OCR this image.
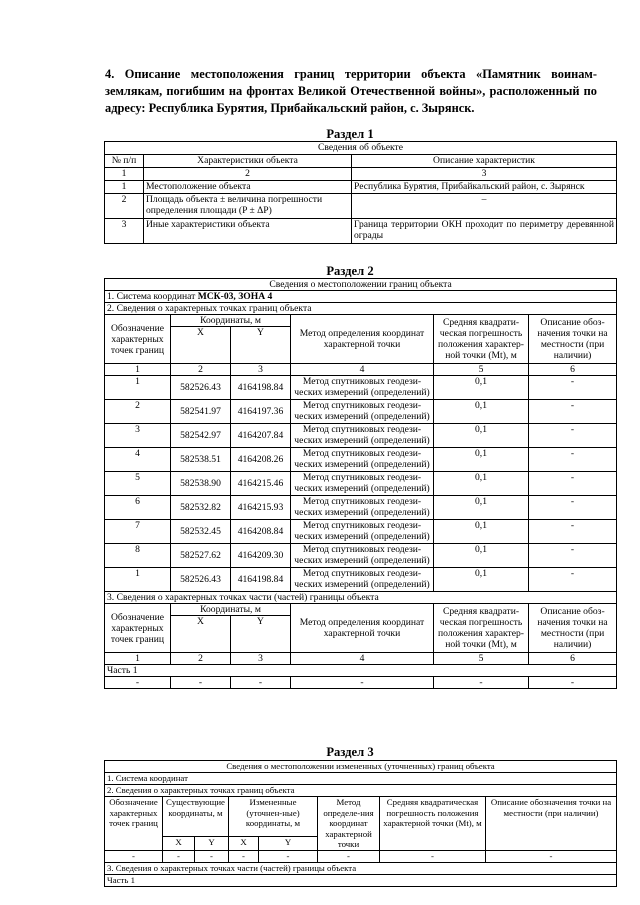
4. Описание местоположения границ территории объекта «Памятник воинам-землякам, погибшим на фронтах Великой Отечественной войны», расположенный по адресу: Республика Бурятия, Прибайкальский район, с. Зырянск.
Раздел 1
Сведения об объекте		
№ п/п	Характеристики объекта	Описание характеристик
1	2	3
1	Местоположение объекта	Республика Бурятия, Прибайкальский район, с. Зырянск
2	Площадь объекта ± величина погрешности определения площади (P ± ΔP)	–
3	Иные характеристики объекта	Граница территории ОКН проходит по периметру деревянной ограды
Раздел 2
Сведения о местоположении границ объекта					
1. Система координат МСК-03, ЗОНА 4					
2. Сведения о характерных точках границ объекта					
Обозначение характерных точек границ	Координаты, м		Метод определения координат характерной точки	Средняя квадрати-ческая погрешность положения характер-ной точки (Mt), м	Описание обоз-начения точки на местности (при наличии)
	X	Y			
1	2	3	4	5	6
1	582526.43	4164198.84	Метод спутниковых геодези-ческих измерений (определений)	0,1	-
2	582541.97	4164197.36	Метод спутниковых геодези-ческих измерений (определений)	0,1	-
3	582542.97	4164207.84	Метод спутниковых геодези-ческих измерений (определений)	0,1	-
4	582538.51	4164208.26	Метод спутниковых геодези-ческих измерений (определений)	0,1	-
5	582538.90	4164215.46	Метод спутниковых геодези-ческих измерений (определений)	0,1	-
6	582532.82	4164215.93	Метод спутниковых геодези-ческих измерений (определений)	0,1	-
7	582532.45	4164208.84	Метод спутниковых геодези-ческих измерений (определений)	0,1	-
8	582527.62	4164209.30	Метод спутниковых геодези-ческих измерений (определений)	0,1	-
1	582526.43	4164198.84	Метод спутниковых геодези-ческих измерений (определений)	0,1	-
3. Сведения о характерных точках части (частей) границы объекта					
Обозначение характерных точек границ	Координаты, м		Метод определения координат характерной точки	Средняя квадрати-ческая погрешность положения характер-ной точки (Mt), м	Описание обоз-начения точки на местности (при наличии)
	X	Y			
1	2	3	4	5	6
Часть 1					
-	-	-	-	-	-
Раздел 3
Сведения о местоположении измененных (уточненных) границ объекта							
1. Система координат							
2. Сведения о характерных точках границ объекта							
Обозначение характерных точек границ	Существующие координаты, м		Измененные (уточнен-ные) координаты, м		Метод определе-ния координат характерной точки	Средняя квадратическая погрешность положения характерной точки (Mt), м	Описание обозначения точки на местности (при наличии)
	X	Y	X	Y			
-	-	-	-	-	-	-	-
3. Сведения о характерных точках части (частей) границы объекта							
Часть 1							
